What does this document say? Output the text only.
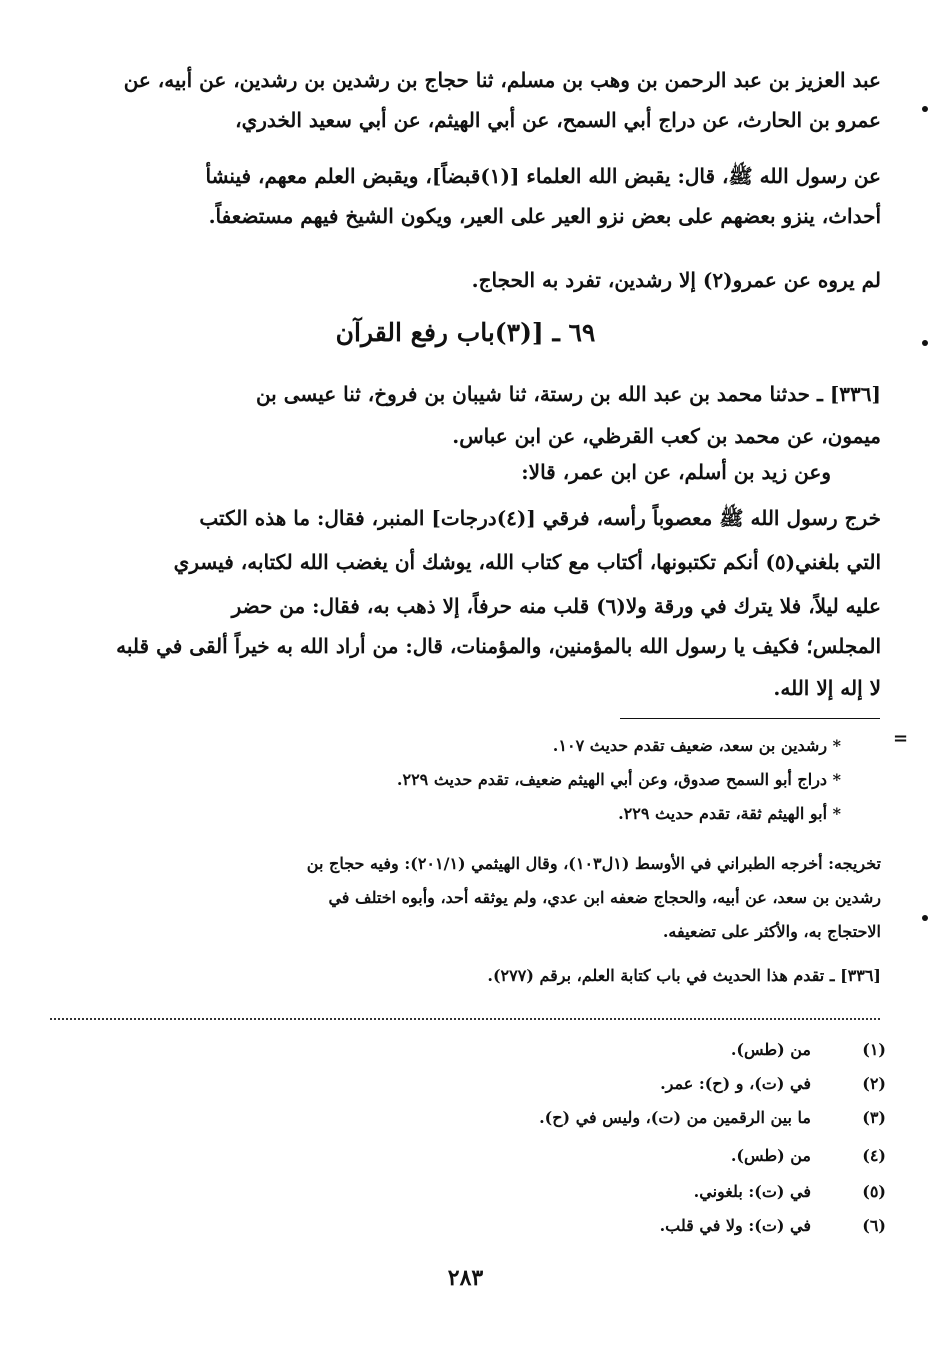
عبد العزيز بن عبد الرحمن بن وهب بن مسلم، ثنا حجاج بن رشدين بن رشدين، عن أبيه، عن
عمرو بن الحارث، عن دراج أبي السمح، عن أبي الهيثم، عن أبي سعيد الخدري،
عن رسول الله ﷺ، قال: يقبض الله العلماء [(١)قبضاً]، ويقبض العلم معهم، فينشأ
أحداث، ينزو بعضهم على بعض نزو العير على العير، ويكون الشيخ فيهم مستضعفاً.
لم يروه عن عمرو(٢) إلا رشدين، تفرد به الحجاج.
٦٩ ـ [(٣)باب رفع القرآن
[٣٣٦] ـ حدثنا محمد بن عبد الله بن رستة، ثنا شيبان بن فروخ، ثنا عيسى بن
ميمون، عن محمد بن كعب القرظي، عن ابن عباس.
وعن زيد بن أسلم، عن ابن عمر، قالا:
خرج رسول الله ﷺ معصوباً رأسه، فرقي [(٤)درجات] المنبر، فقال: ما هذه الكتب
التي بلغني(٥) أنكم تكتبونها، أكتاب مع كتاب الله، يوشك أن يغضب الله لكتابه، فيسري
عليه ليلاً، فلا يترك في ورقة ولا(٦) قلب منه حرفاً، إلا ذهب به، فقال: من حضر
المجلس؛ فكيف يا رسول الله بالمؤمنين، والمؤمنات، قال: من أراد الله به خيراً ألقى في قلبه
لا إله إلا الله.
=
* رشدين بن سعد، ضعيف تقدم حديث ١٠٧.
* دراج أبو السمح صدوق، وعن أبي الهيثم ضعيف، تقدم حديث ٢٢٩.
* أبو الهيثم ثقة، تقدم حديث ٢٢٩.
تخريجه: أخرجه الطبراني في الأوسط (١ل١٠٣)، وقال الهيثمي (٢٠١/١): وفيه حجاج بن
رشدين بن سعد، عن أبيه، والحجاج ضعفه ابن عدي، ولم يوثقه أحد، وأبوه اختلف في
الاحتجاج به، والأكثر على تضعيفه.
[٣٣٦] ـ تقدم هذا الحديث في باب كتابة العلم، برقم (٢٧٧).
(١)من (طس).
(٢)في (ت)، و (ح): عمر.
(٣)ما بين الرقمين من (ت)، وليس في (ح).
(٤)من (طس).
(٥)في (ت): بلغوني.
(٦)في (ت): ولا في قلب.
٢٨٣
